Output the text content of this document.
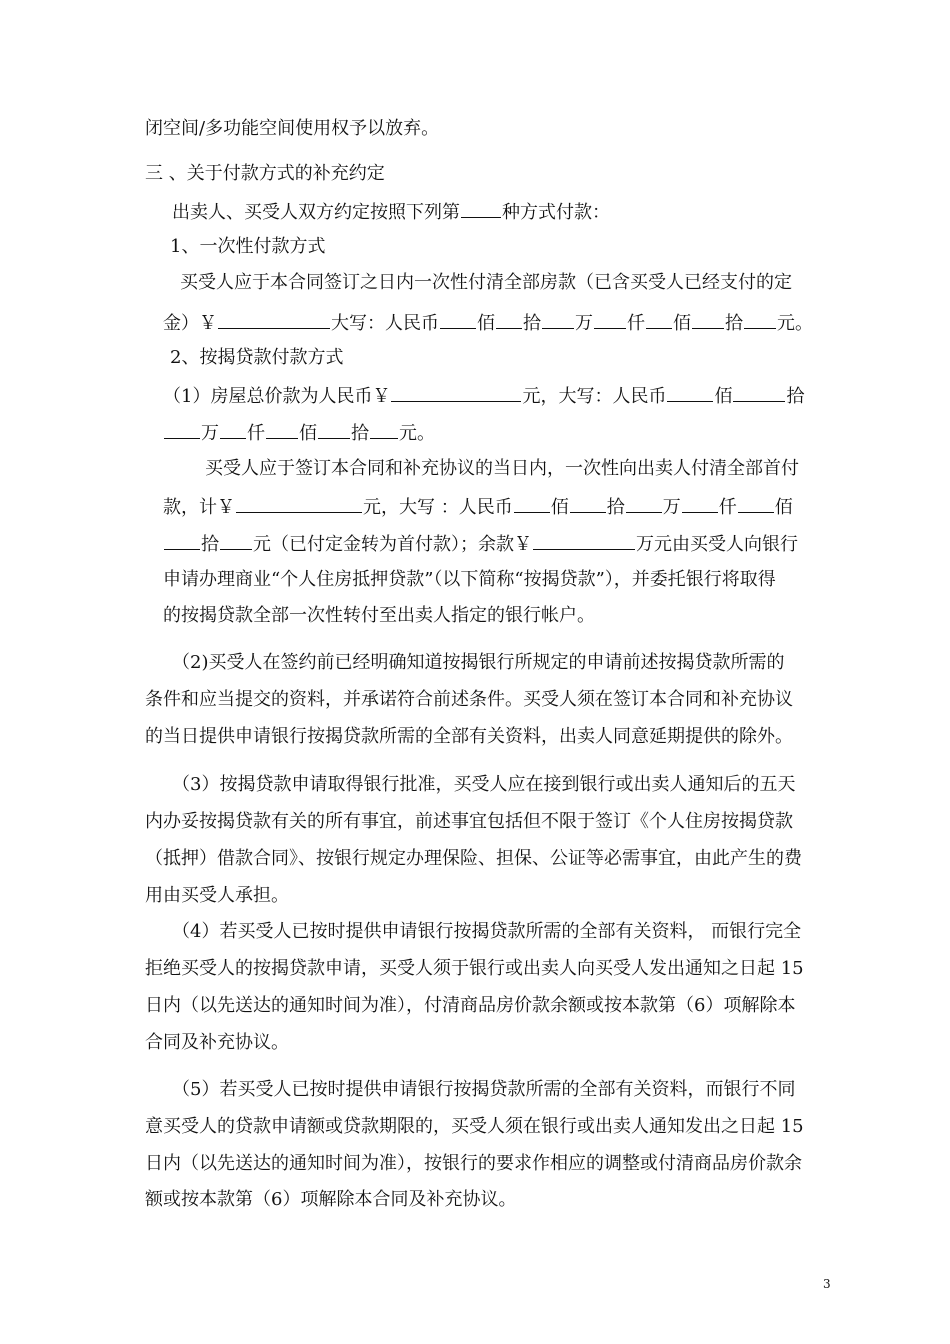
闭空间/多功能空间使用权予以放弃。
三 、关于付款方式的补充约定
出卖人、买受人双方约定按照下列第 种方式付款：
1、一次性付款方式
买受人应于本合同签订之日内一次性付清全部房款（已含买受人已经支付的定
金）￥	大写：人民币 佰 拾 万 仟 佰 拾 元。
2、按揭贷款付款方式
（1）房屋总价款为人民币￥	元，大写：人民币	佰	拾
万 仟 佰 拾 元。
买受人应于签订本合同和补充协议的当日内，一次性向出卖人付清全部首付
款，计￥	元，大写 ：人民币 佰 拾 万 仟 佰
拾 元（已付定金转为首付款）；余款￥	万元由买受人向银行
申请办理商业“个人住房抵押贷款”（以下简称“按揭贷款”），并委托银行将取得
的按揭贷款全部一次性转付至出卖人指定的银行帐户。
（2)买受人在签约前已经明确知道按揭银行所规定的申请前述按揭贷款所需的
条件和应当提交的资料，并承诺符合前述条件。买受人须在签订本合同和补充协议
的当日提供申请银行按揭贷款所需的全部有关资料，出卖人同意延期提供的除外。
（3）按揭贷款申请取得银行批准，买受人应在接到银行或出卖人通知后的五天
内办妥按揭贷款有关的所有事宜，前述事宜包括但不限于签订《个人住房按揭贷款
（抵押）借款合同》、按银行规定办理保险、担保、公证等必需事宜，由此产生的费
用由买受人承担。
（4）若买受人已按时提供申请银行按揭贷款所需的全部有关资料， 而银行完全
拒绝买受人的按揭贷款申请，买受人须于银行或出卖人向买受人发出通知之日起 15
日内（以先送达的通知时间为准），付清商品房价款余额或按本款第（6）项解除本
合同及补充协议。
（5）若买受人已按时提供申请银行按揭贷款所需的全部有关资料，而银行不同
意买受人的贷款申请额或贷款期限的，买受人须在银行或出卖人通知发出之日起 15
日内（以先送达的通知时间为准），按银行的要求作相应的调整或付清商品房价款余
额或按本款第（6）项解除本合同及补充协议。
3
